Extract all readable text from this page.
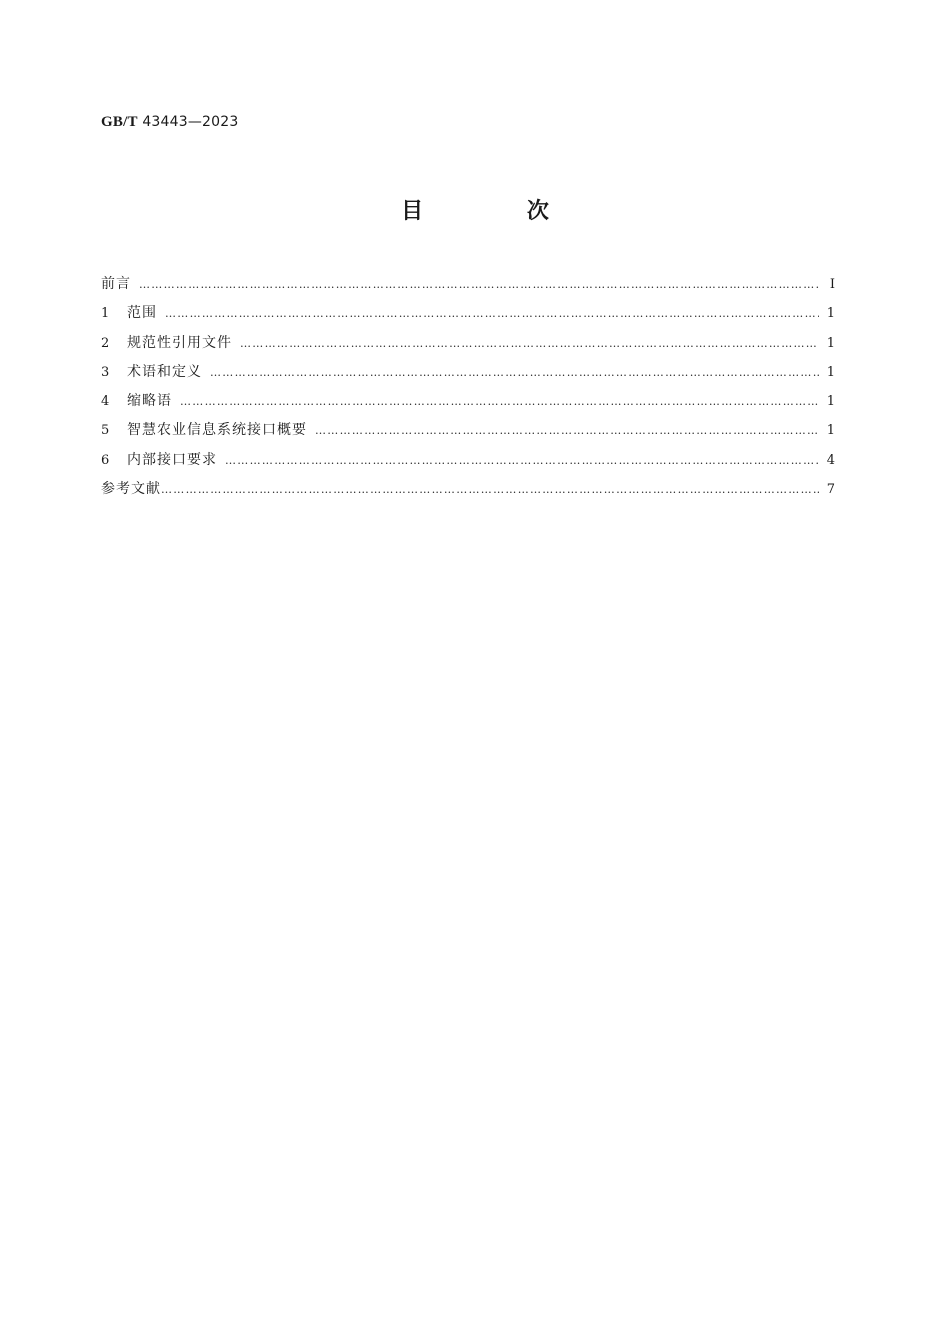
GB/T 43443—2023
目 次
前言 …………………………………………………………………………………………………………………………………………………………………………………………………………………………	Ⅰ
1	范围 …………………………………………………………………………………………………………………………………………………………………………………………………………………………	1
2	规范性引用文件 …………………………………………………………………………………………………………………………………………………………………………………………………………………………	1
3	术语和定义 …………………………………………………………………………………………………………………………………………………………………………………………………………………………	1
4	缩略语 …………………………………………………………………………………………………………………………………………………………………………………………………………………………	1
5	智慧农业信息系统接口概要 …………………………………………………………………………………………………………………………………………………………………………………………………………………………	1
6	内部接口要求 …………………………………………………………………………………………………………………………………………………………………………………………………………………………	4
参考文献 …………………………………………………………………………………………………………………………………………………………………………………………………………………………	7
